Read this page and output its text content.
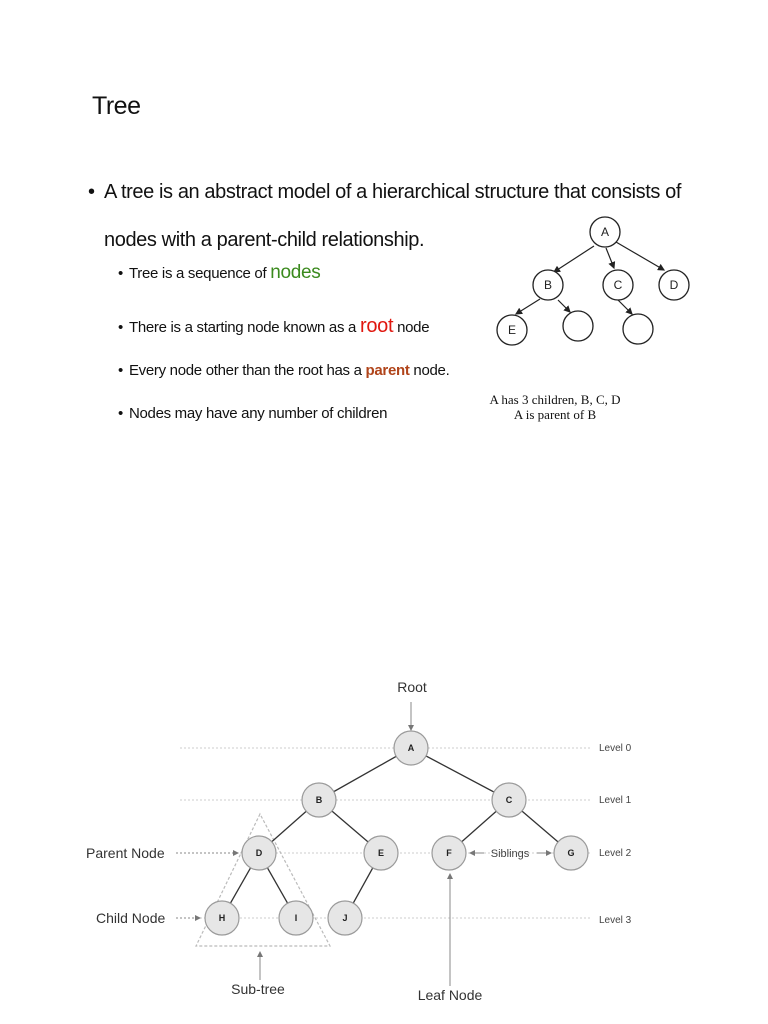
Tree
• A tree is an abstract model of a hierarchical structure that consists of
nodes with a parent-child relationship.
• Tree is a sequence of nodes
• There is a starting node known as a root node
• Every node other than the root has a parent node.
• Nodes may have any number of children
A
B	C	D
E
A has 3 children, B, C, D
A is parent of B
Level 0
Level 1
Level 2
Level 3
A
B	C
D	E	F	G
H	I	J
Root
Parent Node
Child Node
Sub-tree	Leaf Node
Siblings
